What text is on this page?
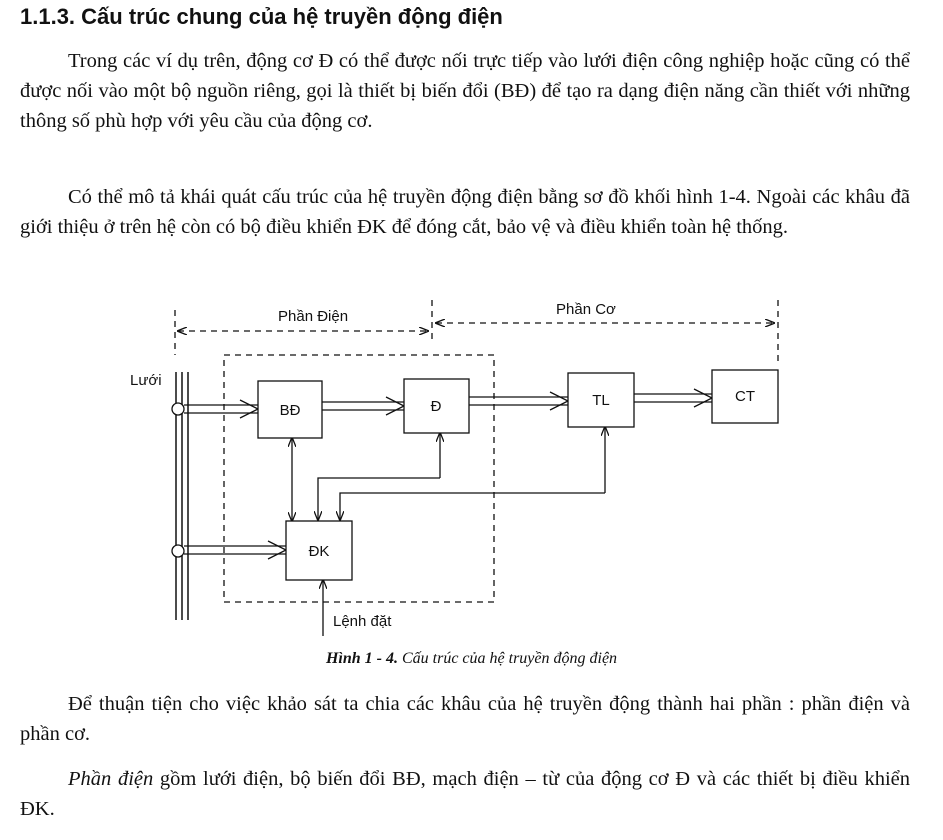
1.1.3. Cấu trúc chung của hệ truyền động điện

Trong các ví dụ trên, động cơ Đ có thể được nối trực tiếp vào lưới điện công nghiệp hoặc cũng có thể được nối vào một bộ nguồn riêng, gọi là thiết bị biến đổi (BĐ) để tạo ra dạng điện năng cần thiết với những thông số phù hợp với yêu cầu của động cơ.

Có thể mô tả khái quát cấu trúc của hệ truyền động điện bằng sơ đồ khối hình 1-4. Ngoài các khâu đã giới thiệu ở trên hệ còn có bộ điều khiển ĐK để đóng cắt, bảo vệ và điều khiển toàn hệ thống.

Phần Điện	Phần Cơ
Lưới
BĐ	Đ	TL	CT
ĐK
Lệnh đặt
Hình 1 - 4. Cấu trúc của hệ truyền động điện

Để thuận tiện cho việc khảo sát ta chia các khâu của hệ truyền động thành hai phần : phần điện và phần cơ.

Phần điện gồm lưới điện, bộ biến đổi BĐ, mạch điện – từ của động cơ Đ và các thiết bị điều khiển ĐK.
